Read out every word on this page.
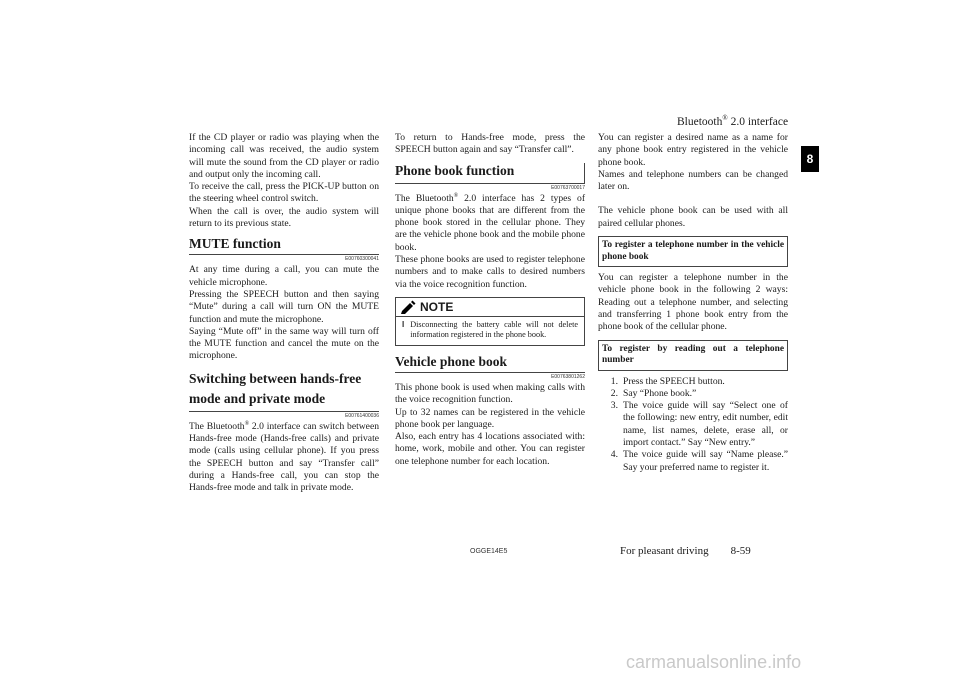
Bluetooth® 2.0 interface
8

If the CD player or radio was playing when the incoming call was received, the audio system will mute the sound from the CD player or radio and output only the incoming call.

To receive the call, press the PICK-UP button on the steering wheel control switch.

When the call is over, the audio system will return to its previous state.

MUTE function
E00760300041

At any time during a call, you can mute the vehicle microphone.

Pressing the SPEECH button and then saying “Mute” during a call will turn ON the MUTE function and mute the microphone.

Saying “Mute off” in the same way will turn off the MUTE function and cancel the mute on the microphone.

Switching between hands-free mode and private mode
E00761400036

The Bluetooth® 2.0 interface can switch between Hands-free mode (Hands-free calls) and private mode (calls using cellular phone). If you press the SPEECH button and say “Transfer call” during a Hands-free call, you can stop the Hands-free mode and talk in private mode.

To return to Hands-free mode, press the SPEECH button again and say “Transfer call”.

Phone book function
E00763700017

The Bluetooth® 2.0 interface has 2 types of unique phone books that are different from the phone book stored in the cellular phone. They are the vehicle phone book and the mobile phone book.

These phone books are used to register telephone numbers and to make calls to desired numbers via the voice recognition function.

NOTE
l Disconnecting the battery cable will not delete information registered in the phone book.
Vehicle phone book
E00763801262

This phone book is used when making calls with the voice recognition function.

Up to 32 names can be registered in the vehicle phone book per language.

Also, each entry has 4 locations associated with: home, work, mobile and other. You can register one telephone number for each location.

You can register a desired name as a name for any phone book entry registered in the vehicle phone book.

Names and telephone numbers can be changed later on.

The vehicle phone book can be used with all paired cellular phones.

To register a telephone number in the vehicle phone book

You can register a telephone number in the vehicle phone book in the following 2 ways: Reading out a telephone number, and selecting and transferring 1 phone book entry from the phone book of the cellular phone.

To register by reading out a telephone number
1. Press the SPEECH button.
2. Say “Phone book.”
3. The voice guide will say “Select one of the following: new entry, edit number, edit name, list names, delete, erase all, or import contact.” Say “New entry.”
4. The voice guide will say “Name please.” Say your preferred name to register it.
OGGE14E5	For pleasant driving 8-59
carmanualsonline.info
